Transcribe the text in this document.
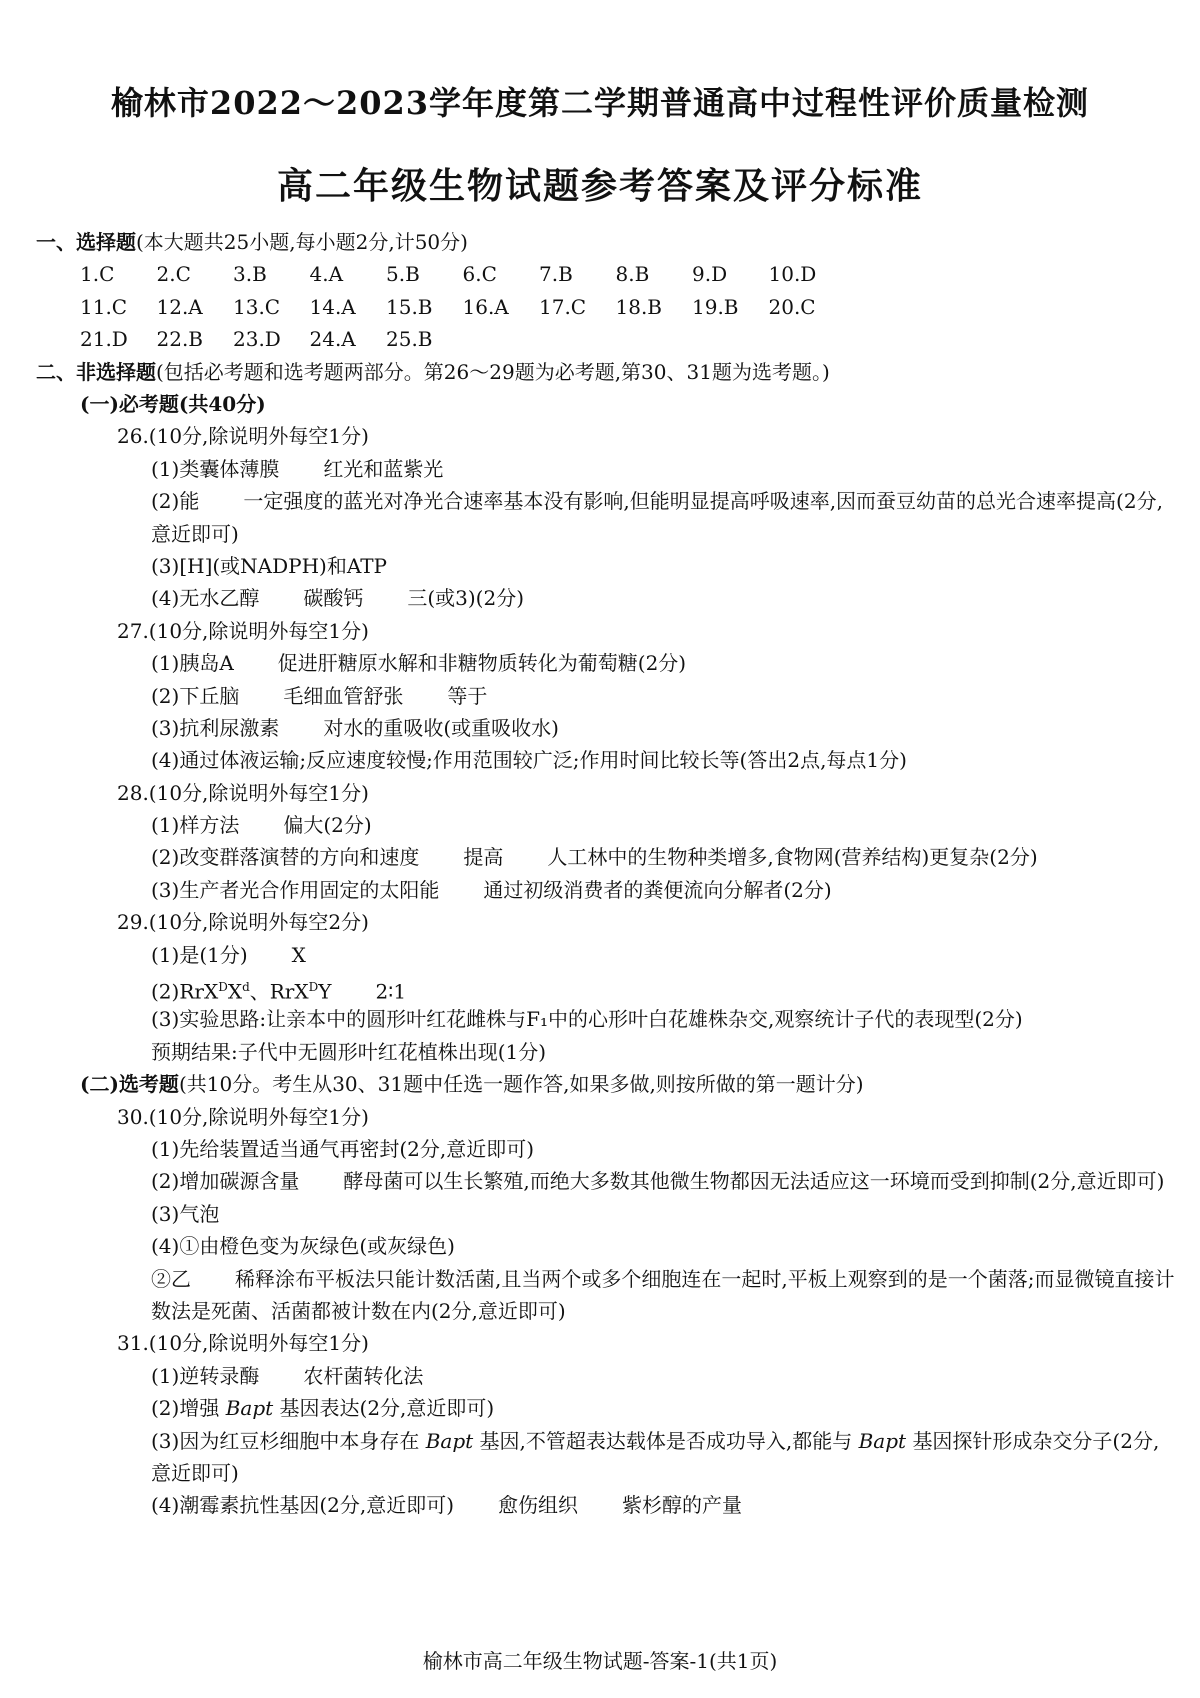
榆林市2022～2023学年度第二学期普通高中过程性评价质量检测
高二年级生物试题参考答案及评分标准
一、选择题(本大题共25小题,每小题2分,计50分)
1.C 2.C 3.B 4.A 5.B 6.C 7.B 8.B 9.D 10.D
11.C 12.A 13.C 14.A 15.B 16.A 17.C 18.B 19.B 20.C
21.D 22.B 23.D 24.A 25.B
二、非选择题(包括必考题和选考题两部分。第26～29题为必考题,第30、31题为选考题。)
(一)必考题(共40分)
26.(10分,除说明外每空1分)
(1)类囊体薄膜 红光和蓝紫光
(2)能 一定强度的蓝光对净光合速率基本没有影响,但能明显提高呼吸速率,因而蚕豆幼苗的总光合速率提高(2分,意近即可)
(3)[H](或NADPH)和ATP
(4)无水乙醇 碳酸钙 三(或3)(2分)
27.(10分,除说明外每空1分)
(1)胰岛A 促进肝糖原水解和非糖物质转化为葡萄糖(2分)
(2)下丘脑 毛细血管舒张 等于
(3)抗利尿激素 对水的重吸收(或重吸收水)
(4)通过体液运输;反应速度较慢;作用范围较广泛;作用时间比较长等(答出2点,每点1分)
28.(10分,除说明外每空1分)
(1)样方法 偏大(2分)
(2)改变群落演替的方向和速度 提高 人工林中的生物种类增多,食物网(营养结构)更复杂(2分)
(3)生产者光合作用固定的太阳能 通过初级消费者的粪便流向分解者(2分)
29.(10分,除说明外每空2分)
(1)是(1分) X
$(2)RrX^DX^d$、RrX$^D$Y 2∶1
(3)实验思路:让亲本中的圆形叶红花雌株与F₁中的心形叶白花雄株杂交,观察统计子代的表现型(2分)
预期结果:子代中无圆形叶红花植株出现(1分)
(二)选考题(共10分。考生从30、31题中任选一题作答,如果多做,则按所做的第一题计分)
30.(10分,除说明外每空1分)
(1)先给装置适当通气再密封(2分,意近即可)
(2)增加碳源含量 酵母菌可以生长繁殖,而绝大多数其他微生物都因无法适应这一环境而受到抑制(2分,意近即可)
(3)气泡
(4)①由橙色变为灰绿色(或灰绿色)
②乙 稀释涂布平板法只能计数活菌,且当两个或多个细胞连在一起时,平板上观察到的是一个菌落;而显微镜直接计数法是死菌、活菌都被计数在内(2分,意近即可)
31.(10分,除说明外每空1分)
(1)逆转录酶 农杆菌转化法
(2)增强 Bapt 基因表达(2分,意近即可)
(3)因为红豆杉细胞中本身存在 Bapt 基因,不管超表达载体是否成功导入,都能与 Bapt 基因探针形成杂交分子(2分,意近即可)
(4)潮霉素抗性基因(2分,意近即可) 愈伤组织 紫杉醇的产量
榆林市高二年级生物试题-答案-1(共1页)
